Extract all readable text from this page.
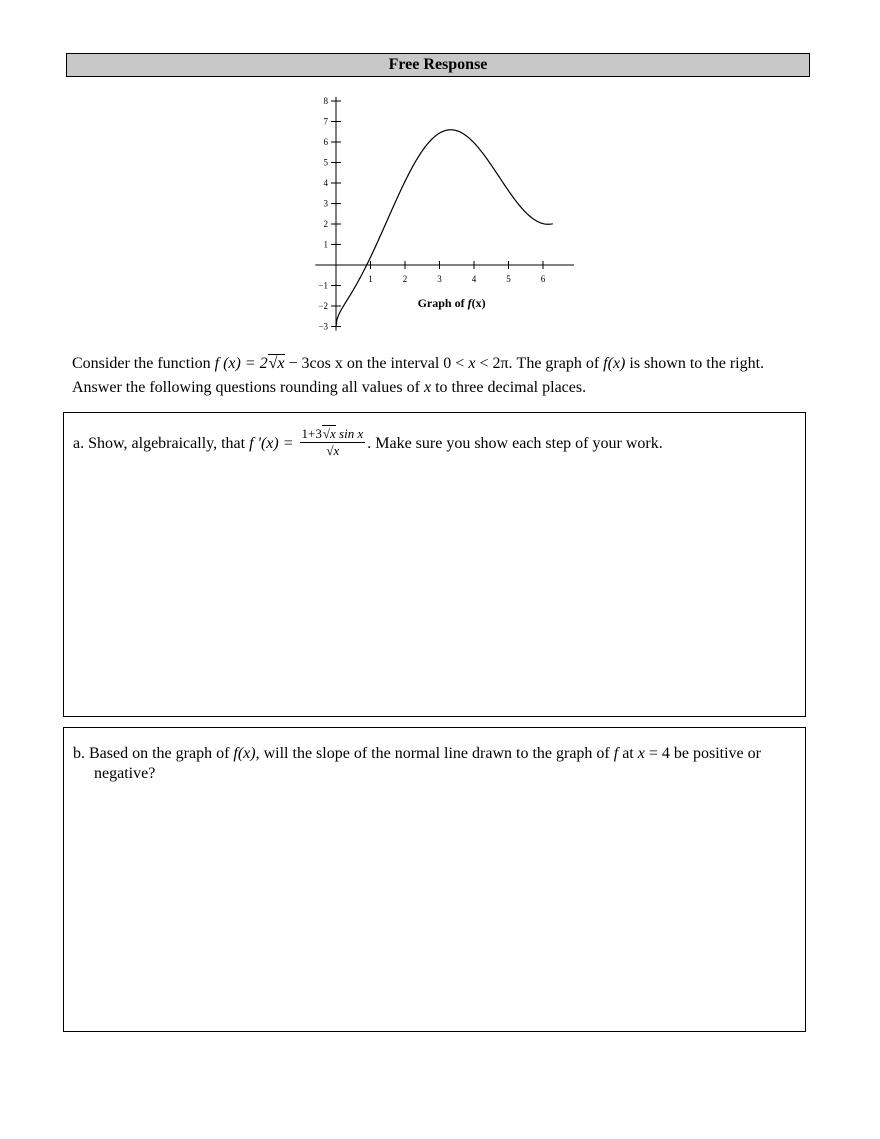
Free Response
1	2	3	4	5	6
−3
−2
−1
1
2
3
4
5
6
7
8
Graph of f(x)
Consider the function f (x) = 2√x − 3cos x on the interval 0 < x < 2π. The graph of f(x) is shown to the right. Answer the following questions rounding all values of x to three decimal places.
a. Show, algebraically, that f '$(x) = \frac{\text{1+3√x sin x}}{√x}$ . Make sure you show each step of your work.
b. Based on the graph of f(x), will the slope of the normal line drawn to the graph of f at x = 4 be positive or negative?
